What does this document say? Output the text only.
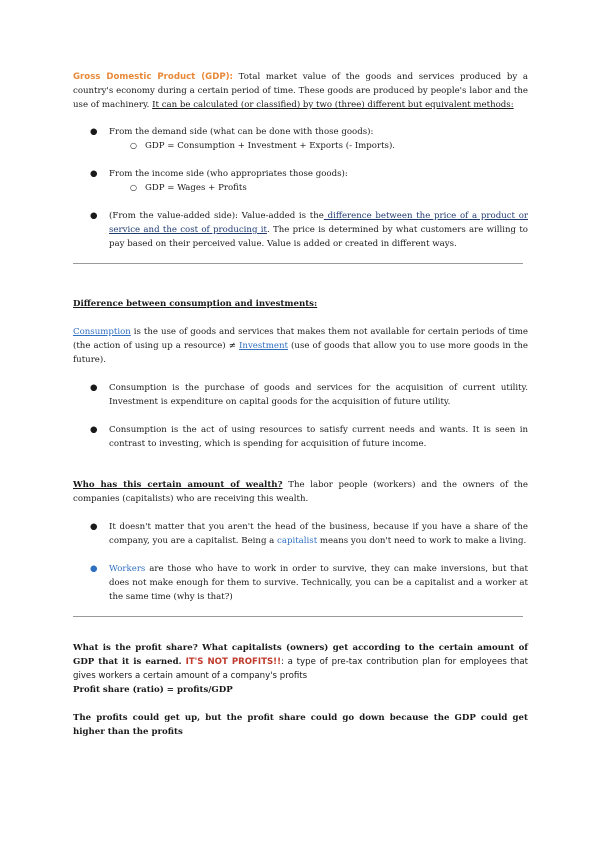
Gross Domestic Product (GDP): Total market value of the goods and services produced by a country's economy during a certain period of time. These goods are produced by people's labor and the use of machinery. It can be calculated (or classified) by two (three) different but equivalent methods:

● From the demand side (what can be done with those goods):
○ GDP = Consumption + Investment + Exports (- Imports).
● From the income side (who appropriates those goods):
○ GDP = Wages + Profits
● (From the value-added side): Value-added is the difference between the price of a product or service and the cost of producing it. The price is determined by what customers are willing to pay based on their perceived value. Value is added or created in different ways.

Difference between consumption and investments:

Consumption is the use of goods and services that makes them not available for certain periods of time (the action of using up a resource) ≠ Investment (use of goods that allow you to use more goods in the future).

● Consumption is the purchase of goods and services for the acquisition of current utility. Investment is expenditure on capital goods for the acquisition of future utility.
● Consumption is the act of using resources to satisfy current needs and wants. It is seen in contrast to investing, which is spending for acquisition of future income.

Who has this certain amount of wealth? The labor people (workers) and the owners of the companies (capitalists) who are receiving this wealth.

● It doesn't matter that you aren't the head of the business, because if you have a share of the company, you are a capitalist. Being a capitalist means you don't need to work to make a living.
● Workers are those who have to work in order to survive, they can make inversions, but that does not make enough for them to survive. Technically, you can be a capitalist and a worker at the same time (why is that?)

What is the profit share? What capitalists (owners) get according to the certain amount of GDP that it is earned. IT'S NOT PROFITS!!: a type of pre-tax contribution plan for employees that gives workers a certain amount of a company's profits

Profit share (ratio) = profits/GDP

The profits could get up, but the profit share could go down because the GDP could get higher than the profits
